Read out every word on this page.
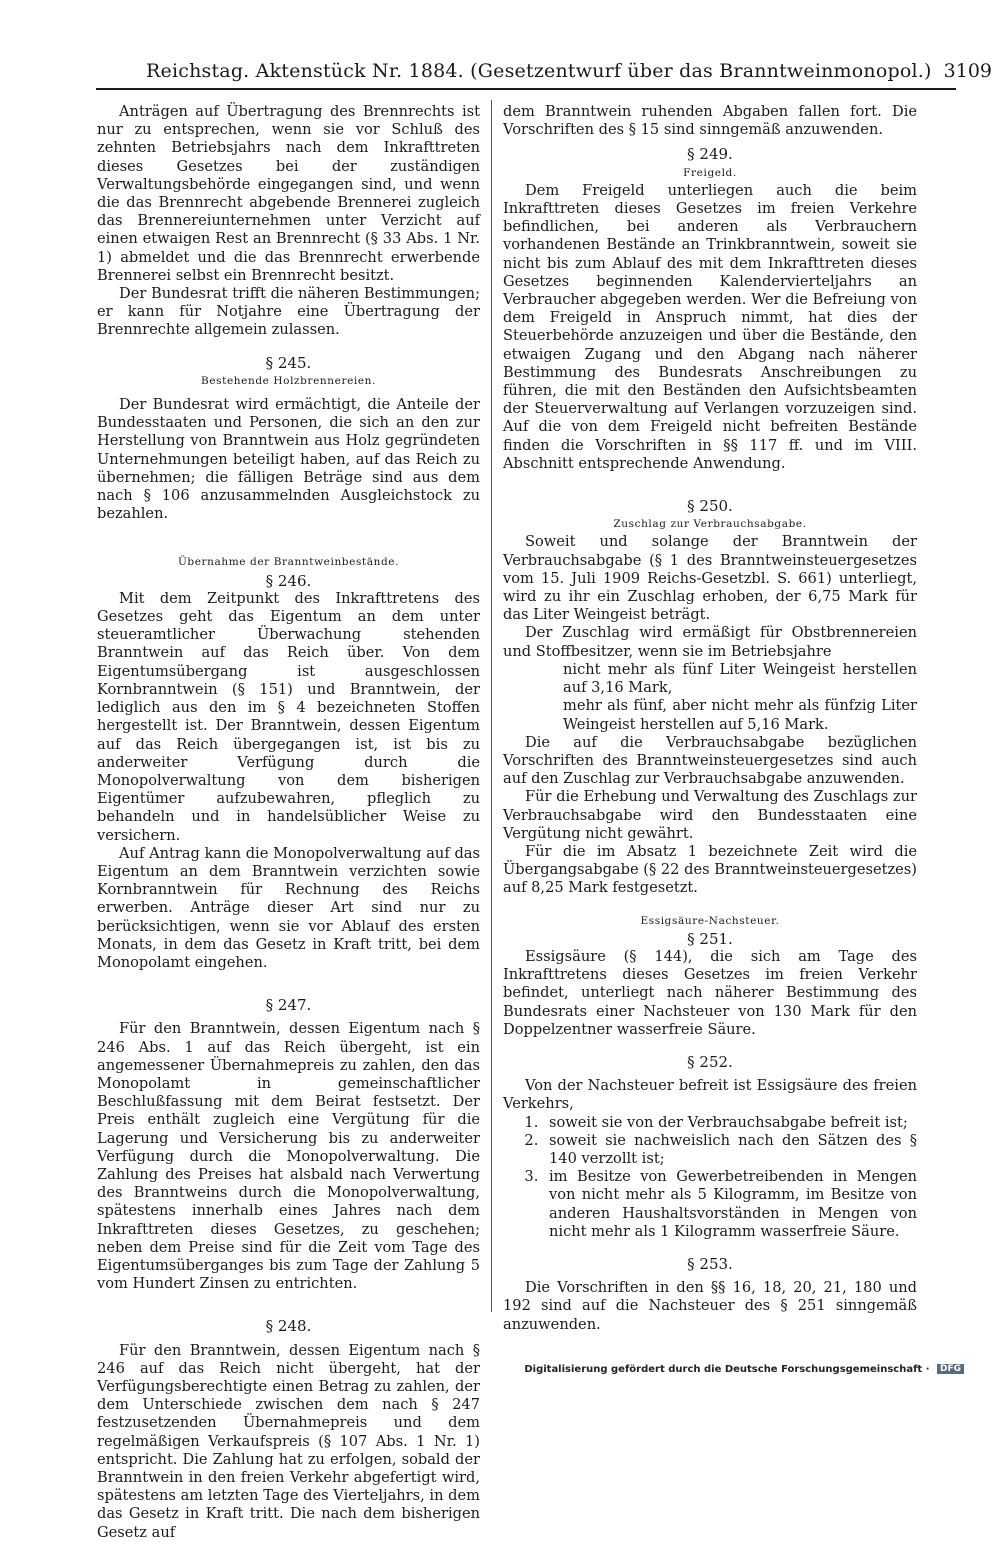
Reichstag. Aktenstück Nr. 1884. (Gesetzentwurf über das Branntweinmonopol.) 3109

Anträgen auf Übertragung des Brennrechts ist nur zu entsprechen, wenn sie vor Schluß des zehnten Betriebsjahrs nach dem Inkrafttreten dieses Gesetzes bei der zuständigen Verwaltungsbehörde eingegangen sind, und wenn die das Brennrecht abgebende Brennerei zugleich das Brennereiunternehmen unter Verzicht auf einen etwaigen Rest an Brennrecht (§ 33 Abs. 1 Nr. 1) abmeldet und die das Brennrecht erwerbende Brennerei selbst ein Brennrecht besitzt.

Der Bundesrat trifft die näheren Bestimmungen; er kann für Notjahre eine Übertragung der Brennrechte allgemein zulassen.

§ 245.

Bestehende Holzbrennereien.

Der Bundesrat wird ermächtigt, die Anteile der Bundesstaaten und Personen, die sich an den zur Herstellung von Branntwein aus Holz gegründeten Unternehmungen beteiligt haben, auf das Reich zu übernehmen; die fälligen Beträge sind aus dem nach § 106 anzusammelnden Ausgleichstock zu bezahlen.

Übernahme der Branntweinbestände.

§ 246.

Mit dem Zeitpunkt des Inkrafttretens des Gesetzes geht das Eigentum an dem unter steueramtlicher Überwachung stehenden Branntwein auf das Reich über. Von dem Eigentumsübergang ist ausgeschlossen Kornbranntwein (§ 151) und Branntwein, der lediglich aus den im § 4 bezeichneten Stoffen hergestellt ist. Der Branntwein, dessen Eigentum auf das Reich übergegangen ist, ist bis zu anderweiter Verfügung durch die Monopolverwaltung von dem bisherigen Eigentümer aufzubewahren, pfleglich zu behandeln und in handelsüblicher Weise zu versichern.

Auf Antrag kann die Monopolverwaltung auf das Eigentum an dem Branntwein verzichten sowie Kornbranntwein für Rechnung des Reichs erwerben. Anträge dieser Art sind nur zu berücksichtigen, wenn sie vor Ablauf des ersten Monats, in dem das Gesetz in Kraft tritt, bei dem Monopolamt eingehen.

§ 247.

Für den Branntwein, dessen Eigentum nach § 246 Abs. 1 auf das Reich übergeht, ist ein angemessener Übernahmepreis zu zahlen, den das Monopolamt in gemeinschaftlicher Beschlußfassung mit dem Beirat festsetzt. Der Preis enthält zugleich eine Vergütung für die Lagerung und Versicherung bis zu anderweiter Verfügung durch die Monopolverwaltung. Die Zahlung des Preises hat alsbald nach Verwertung des Branntweins durch die Monopolverwaltung, spätestens innerhalb eines Jahres nach dem Inkrafttreten dieses Gesetzes, zu geschehen; neben dem Preise sind für die Zeit vom Tage des Eigentumsüberganges bis zum Tage der Zahlung 5 vom Hundert Zinsen zu entrichten.

§ 248.

Für den Branntwein, dessen Eigentum nach § 246 auf das Reich nicht übergeht, hat der Verfügungsberechtigte einen Betrag zu zahlen, der dem Unterschiede zwischen dem nach § 247 festzusetzenden Übernahmepreis und dem regelmäßigen Verkaufspreis (§ 107 Abs. 1 Nr. 1) entspricht. Die Zahlung hat zu erfolgen, sobald der Branntwein in den freien Verkehr abgefertigt wird, spätestens am letzten Tage des Vierteljahrs, in dem das Gesetz in Kraft tritt. Die nach dem bisherigen Gesetz auf

dem Branntwein ruhenden Abgaben fallen fort. Die Vorschriften des § 15 sind sinngemäß anzuwenden.

§ 249.

Freigeld.

Dem Freigeld unterliegen auch die beim Inkrafttreten dieses Gesetzes im freien Verkehre befindlichen, bei anderen als Verbrauchern vorhandenen Bestände an Trinkbranntwein, soweit sie nicht bis zum Ablauf des mit dem Inkrafttreten dieses Gesetzes beginnenden Kalendervierteljahrs an Verbraucher abgegeben werden. Wer die Befreiung von dem Freigeld in Anspruch nimmt, hat dies der Steuerbehörde anzuzeigen und über die Bestände, den etwaigen Zugang und den Abgang nach näherer Bestimmung des Bundesrats Anschreibungen zu führen, die mit den Beständen den Aufsichtsbeamten der Steuerverwaltung auf Verlangen vorzuzeigen sind. Auf die von dem Freigeld nicht befreiten Bestände finden die Vorschriften in §§ 117 ff. und im VIII. Abschnitt entsprechende Anwendung.

§ 250.

Zuschlag zur Verbrauchsabgabe.

Soweit und solange der Branntwein der Verbrauchsabgabe (§ 1 des Branntweinsteuergesetzes vom 15. Juli 1909 Reichs-Gesetzbl. S. 661) unterliegt, wird zu ihr ein Zuschlag erhoben, der 6,75 Mark für das Liter Weingeist beträgt.

Der Zuschlag wird ermäßigt für Obstbrennereien und Stoffbesitzer, wenn sie im Betriebsjahre

nicht mehr als fünf Liter Weingeist herstellen auf 3,16 Mark,

mehr als fünf, aber nicht mehr als fünfzig Liter Weingeist herstellen auf 5,16 Mark.

Die auf die Verbrauchsabgabe bezüglichen Vorschriften des Branntweinsteuergesetzes sind auch auf den Zuschlag zur Verbrauchsabgabe anzuwenden.

Für die Erhebung und Verwaltung des Zuschlags zur Verbrauchsabgabe wird den Bundesstaaten eine Vergütung nicht gewährt.

Für die im Absatz 1 bezeichnete Zeit wird die Übergangsabgabe (§ 22 des Branntweinsteuergesetzes) auf 8,25 Mark festgesetzt.

Essigsäure-Nachsteuer.

§ 251.

Essigsäure (§ 144), die sich am Tage des Inkrafttretens dieses Gesetzes im freien Verkehr befindet, unterliegt nach näherer Bestimmung des Bundesrats einer Nachsteuer von 130 Mark für den Doppelzentner wasserfreie Säure.

§ 252.

Von der Nachsteuer befreit ist Essigsäure des freien Verkehrs,

1. soweit sie von der Verbrauchsabgabe befreit ist;
2. soweit sie nachweislich nach den Sätzen des § 140 verzollt ist;
3. im Besitze von Gewerbetreibenden in Mengen von nicht mehr als 5 Kilogramm, im Besitze von anderen Haushaltsvorständen in Mengen von nicht mehr als 1 Kilogramm wasserfreie Säure.

§ 253.

Die Vorschriften in den §§ 16, 18, 20, 21, 180 und 192 sind auf die Nachsteuer des § 251 sinngemäß anzuwenden.

Digitalisierung gefördert durch die Deutsche Forschungsgemeinschaft · DFG
